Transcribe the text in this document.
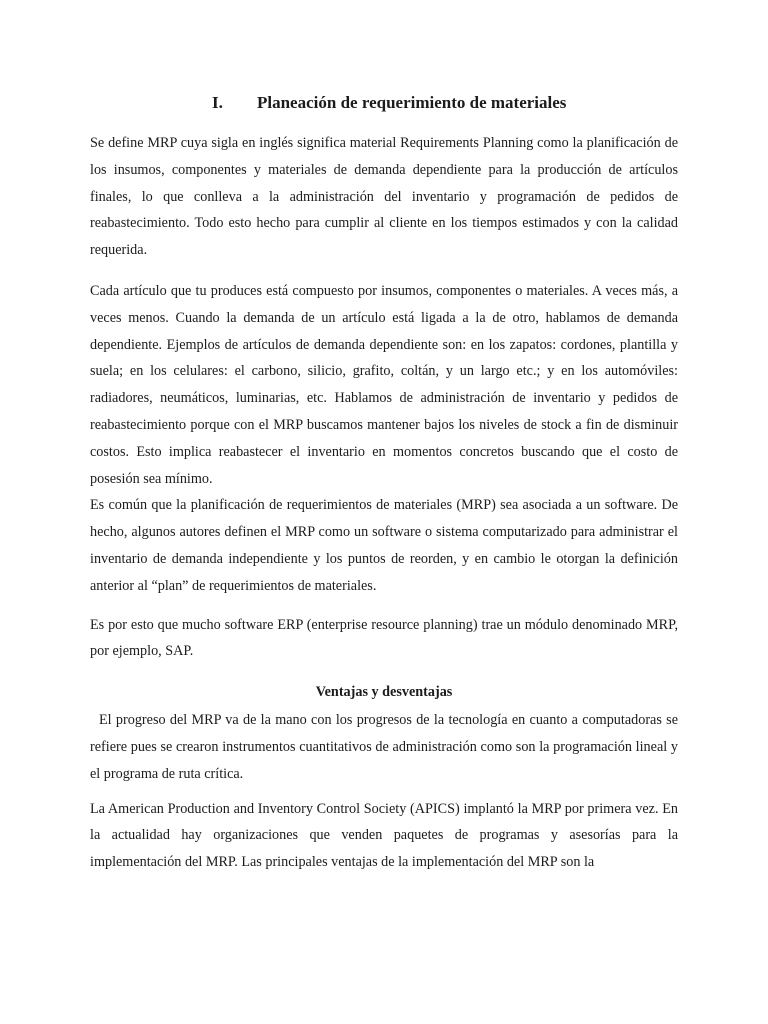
I.	Planeación de requerimiento de materiales

Se define MRP cuya sigla en inglés significa material Requirements Planning como la planificación de los insumos, componentes y materiales de demanda dependiente para la producción de artículos finales, lo que conlleva a la administración del inventario y programación de pedidos de reabastecimiento. Todo esto hecho para cumplir al cliente en los tiempos estimados y con la calidad requerida.

Cada artículo que tu produces está compuesto por insumos, componentes o materiales. A veces más, a veces menos. Cuando la demanda de un artículo está ligada a la de otro, hablamos de demanda dependiente. Ejemplos de artículos de demanda dependiente son: en los zapatos: cordones, plantilla y suela; en los celulares: el carbono, silicio, grafito, coltán, y un largo etc.; y en los automóviles: radiadores, neumáticos, luminarias, etc. Hablamos de administración de inventario y pedidos de reabastecimiento porque con el MRP buscamos mantener bajos los niveles de stock a fin de disminuir costos. Esto implica reabastecer el inventario en momentos concretos buscando que el costo de posesión sea mínimo.

Es común que la planificación de requerimientos de materiales (MRP) sea asociada a un software. De hecho, algunos autores definen el MRP como un software o sistema computarizado para administrar el inventario de demanda independiente y los puntos de reorden, y en cambio le otorgan la definición anterior al “plan” de requerimientos de materiales.

Es por esto que mucho software ERP (enterprise resource planning) trae un módulo denominado MRP, por ejemplo, SAP.

Ventajas y desventajas

El progreso del MRP va de la mano con los progresos de la tecnología en cuanto a computadoras se refiere pues se crearon instrumentos cuantitativos de administración como son la programación lineal y el programa de ruta crítica.

La American Production and Inventory Control Society (APICS) implantó la MRP por primera vez. En la actualidad hay organizaciones que venden paquetes de programas y asesorías para la implementación del MRP. Las principales ventajas de la implementación del MRP son la
